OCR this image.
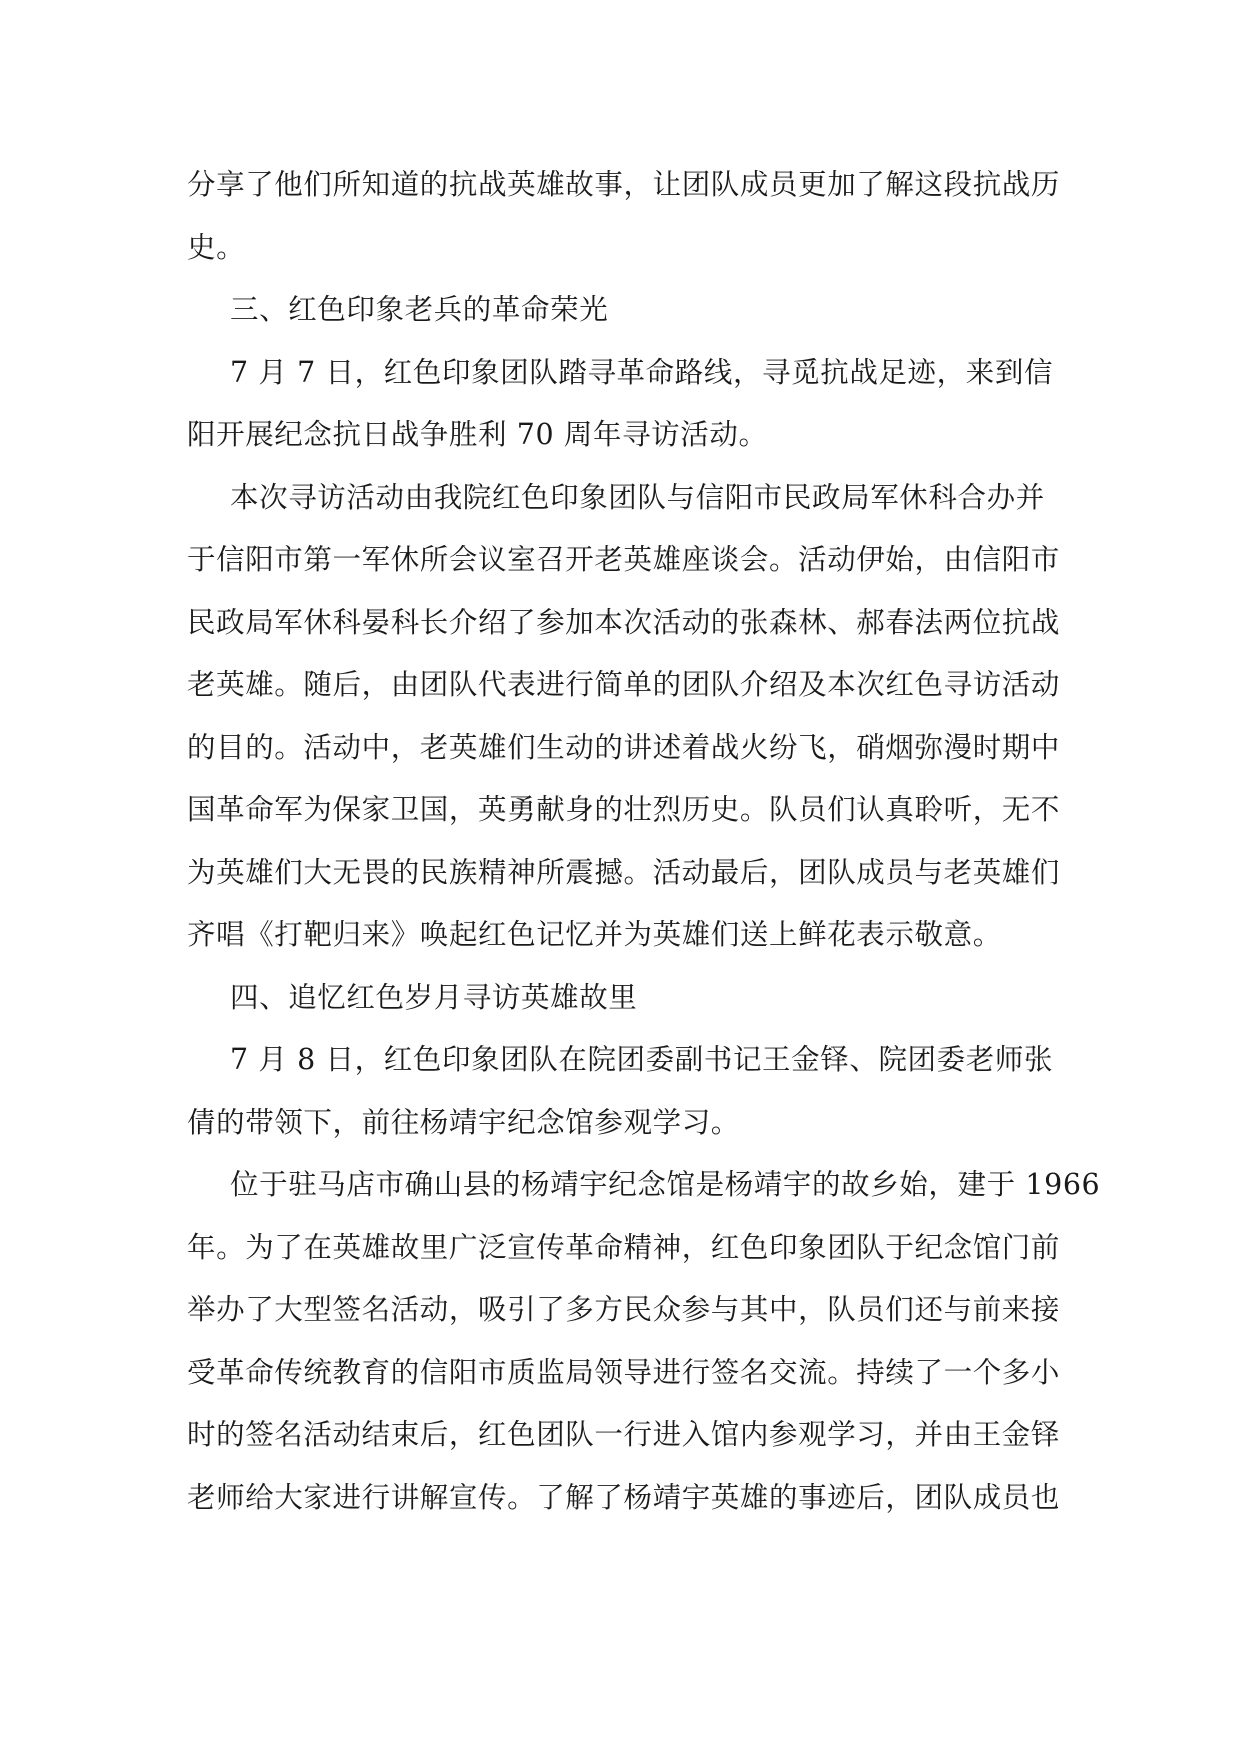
分享了他们所知道的抗战英雄故事，让团队成员更加了解这段抗战历
史。
三、红色印象老兵的革命荣光
7 月 7 日，红色印象团队踏寻革命路线，寻觅抗战足迹，来到信
阳开展纪念抗日战争胜利 70 周年寻访活动。
本次寻访活动由我院红色印象团队与信阳市民政局军休科合办并
于信阳市第一军休所会议室召开老英雄座谈会。活动伊始，由信阳市
民政局军休科晏科长介绍了参加本次活动的张森林、郝春法两位抗战
老英雄。随后，由团队代表进行简单的团队介绍及本次红色寻访活动
的目的。活动中，老英雄们生动的讲述着战火纷飞，硝烟弥漫时期中
国革命军为保家卫国，英勇献身的壮烈历史。队员们认真聆听，无不
为英雄们大无畏的民族精神所震撼。活动最后，团队成员与老英雄们
齐唱《打靶归来》唤起红色记忆并为英雄们送上鲜花表示敬意。
四、追忆红色岁月寻访英雄故里
7 月 8 日，红色印象团队在院团委副书记王金铎、院团委老师张
倩的带领下，前往杨靖宇纪念馆参观学习。
位于驻马店市确山县的杨靖宇纪念馆是杨靖宇的故乡始，建于 1966
年。为了在英雄故里广泛宣传革命精神，红色印象团队于纪念馆门前
举办了大型签名活动，吸引了多方民众参与其中，队员们还与前来接
受革命传统教育的信阳市质监局领导进行签名交流。持续了一个多小
时的签名活动结束后，红色团队一行进入馆内参观学习，并由王金铎
老师给大家进行讲解宣传。了解了杨靖宇英雄的事迹后，团队成员也
